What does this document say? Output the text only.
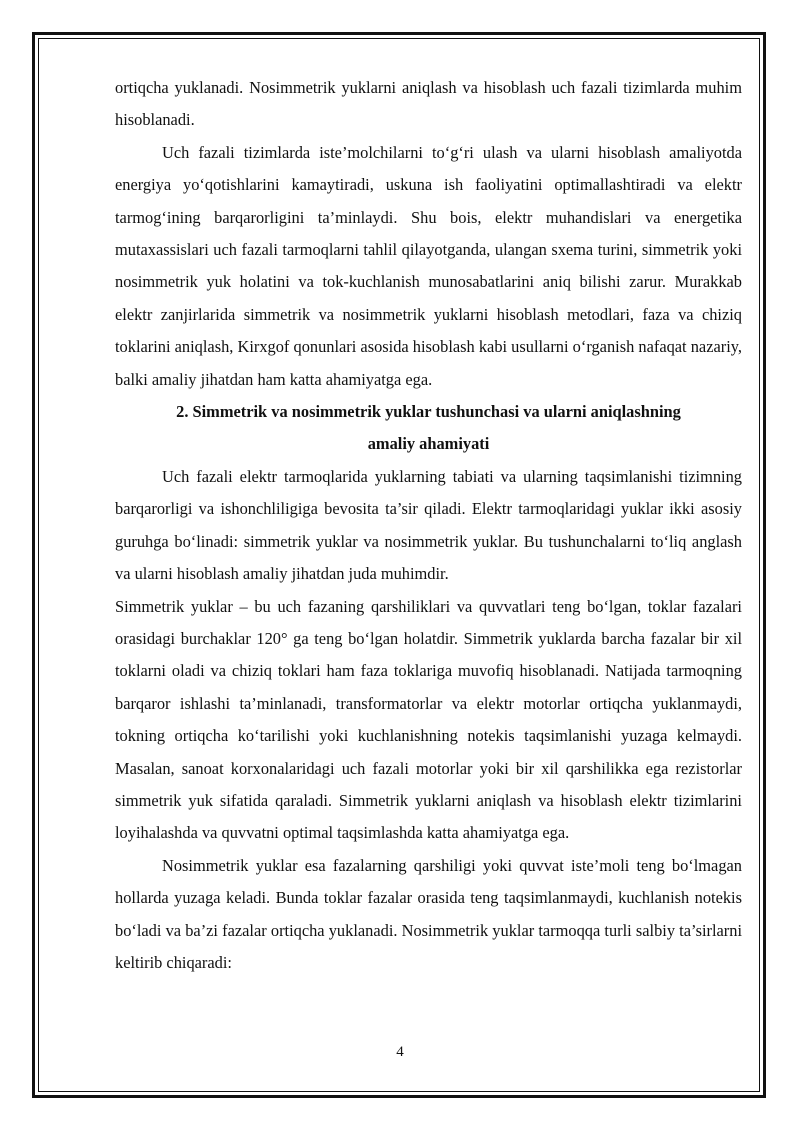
ortiqcha yuklanadi. Nosimmetrik yuklarni aniqlash va hisoblash uch fazali tizimlarda muhim hisoblanadi.

Uch fazali tizimlarda iste’molchilarni to‘g‘ri ulash va ularni hisoblash amaliyotda energiya yo‘qotishlarini kamaytiradi, uskuna ish faoliyatini optimallashtiradi va elektr tarmog‘ining barqarorligini ta’minlaydi. Shu bois, elektr muhandislari va energetika mutaxassislari uch fazali tarmoqlarni tahlil qilayotganda, ulangan sxema turini, simmetrik yoki nosimmetrik yuk holatini va tok-kuchlanish munosabatlarini aniq bilishi zarur. Murakkab elektr zanjirlarida simmetrik va nosimmetrik yuklarni hisoblash metodlari, faza va chiziq toklarini aniqlash, Kirxgof qonunlari asosida hisoblash kabi usullarni o‘rganish nafaqat nazariy, balki amaliy jihatdan ham katta ahamiyatga ega.

2. Simmetrik va nosimmetrik yuklar tushunchasi va ularni aniqlashning
amaliy ahamiyati

Uch fazali elektr tarmoqlarida yuklarning tabiati va ularning taqsimlanishi tizimning barqarorligi va ishonchliligiga bevosita ta’sir qiladi. Elektr tarmoqlaridagi yuklar ikki asosiy guruhga bo‘linadi: simmetrik yuklar va nosimmetrik yuklar. Bu tushunchalarni to‘liq anglash va ularni hisoblash amaliy jihatdan juda muhimdir.

Simmetrik yuklar – bu uch fazaning qarshiliklari va quvvatlari teng bo‘lgan, toklar fazalari orasidagi burchaklar 120° ga teng bo‘lgan holatdir. Simmetrik yuklarda barcha fazalar bir xil toklarni oladi va chiziq toklari ham faza toklariga muvofiq hisoblanadi. Natijada tarmoqning barqaror ishlashi ta’minlanadi, transformatorlar va elektr motorlar ortiqcha yuklanmaydi, tokning ortiqcha ko‘tarilishi yoki kuchlanishning notekis taqsimlanishi yuzaga kelmaydi. Masalan, sanoat korxonalaridagi uch fazali motorlar yoki bir xil qarshilikka ega rezistorlar simmetrik yuk sifatida qaraladi. Simmetrik yuklarni aniqlash va hisoblash elektr tizimlarini loyihalashda va quvvatni optimal taqsimlashda katta ahamiyatga ega.

Nosimmetrik yuklar esa fazalarning qarshiligi yoki quvvat iste’moli teng bo‘lmagan hollarda yuzaga keladi. Bunda toklar fazalar orasida teng taqsimlanmaydi, kuchlanish notekis bo‘ladi va ba’zi fazalar ortiqcha yuklanadi. Nosimmetrik yuklar tarmoqqa turli salbiy ta’sirlarni keltirib chiqaradi:

4
